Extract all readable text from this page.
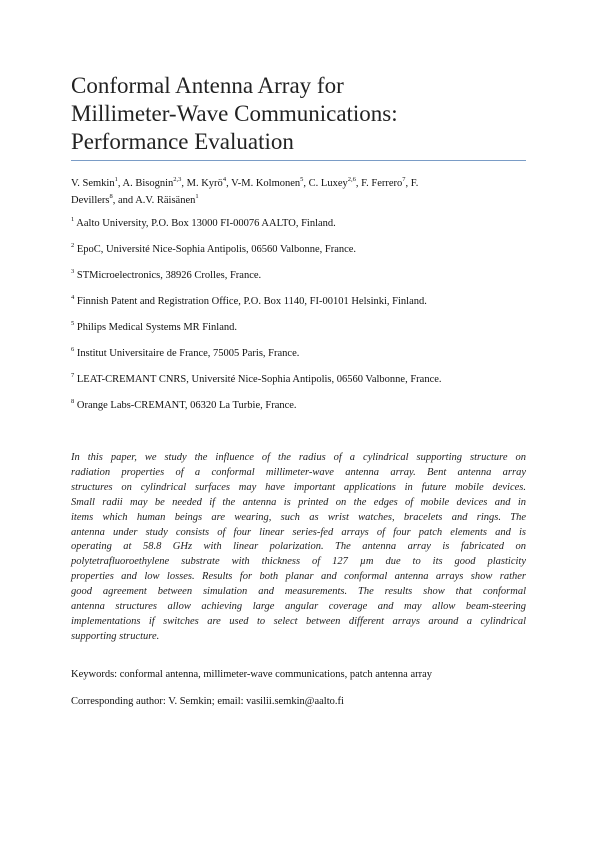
Conformal Antenna Array for
Millimeter-Wave Communications:
Performance Evaluation
V. Semkin$^1$, A. Bisognin$^{2,3}$, M. Kyrö$^4$, V-M. Kolmonen$^5$, C. Luxey$^{2,6}$, F. Ferrero$^7$, F.
Devillers$^8$, and A.V. Räisänen$^1$
$^1$ Aalto University, P.O. Box 13000 FI-00076 AALTO, Finland.
$^2$ EpoC, Université Nice-Sophia Antipolis, 06560 Valbonne, France.
$^3$ STMicroelectronics, 38926 Crolles, France.
$^4$ Finnish Patent and Registration Office, P.O. Box 1140, FI-00101 Helsinki, Finland.
$^5$ Philips Medical Systems MR Finland.
$^6$ Institut Universitaire de France, 75005 Paris, France.
$^7$ LEAT-CREMANT CNRS, Université Nice-Sophia Antipolis, 06560 Valbonne, France.
$^8$ Orange Labs-CREMANT, 06320 La Turbie, France.
In this paper, we study the influence of the radius of a cylindrical supporting structure on
radiation properties of a conformal millimeter-wave antenna array. Bent antenna array
structures on cylindrical surfaces may have important applications in future mobile devices.
Small radii may be needed if the antenna is printed on the edges of mobile devices and in
items which human beings are wearing, such as wrist watches, bracelets and rings. The
antenna under study consists of four linear series-fed arrays of four patch elements and is
operating at 58.8 GHz with linear polarization. The antenna array is fabricated on
polytetrafluoroethylene substrate with thickness of 127 µm due to its good plasticity
properties and low losses. Results for both planar and conformal antenna arrays show rather
good agreement between simulation and measurements. The results show that conformal
antenna structures allow achieving large angular coverage and may allow beam-steering
implementations if switches are used to select between different arrays around a cylindrical
supporting structure.
Keywords: conformal antenna, millimeter-wave communications, patch antenna array
Corresponding author: V. Semkin; email: vasilii.semkin@aalto.fi
